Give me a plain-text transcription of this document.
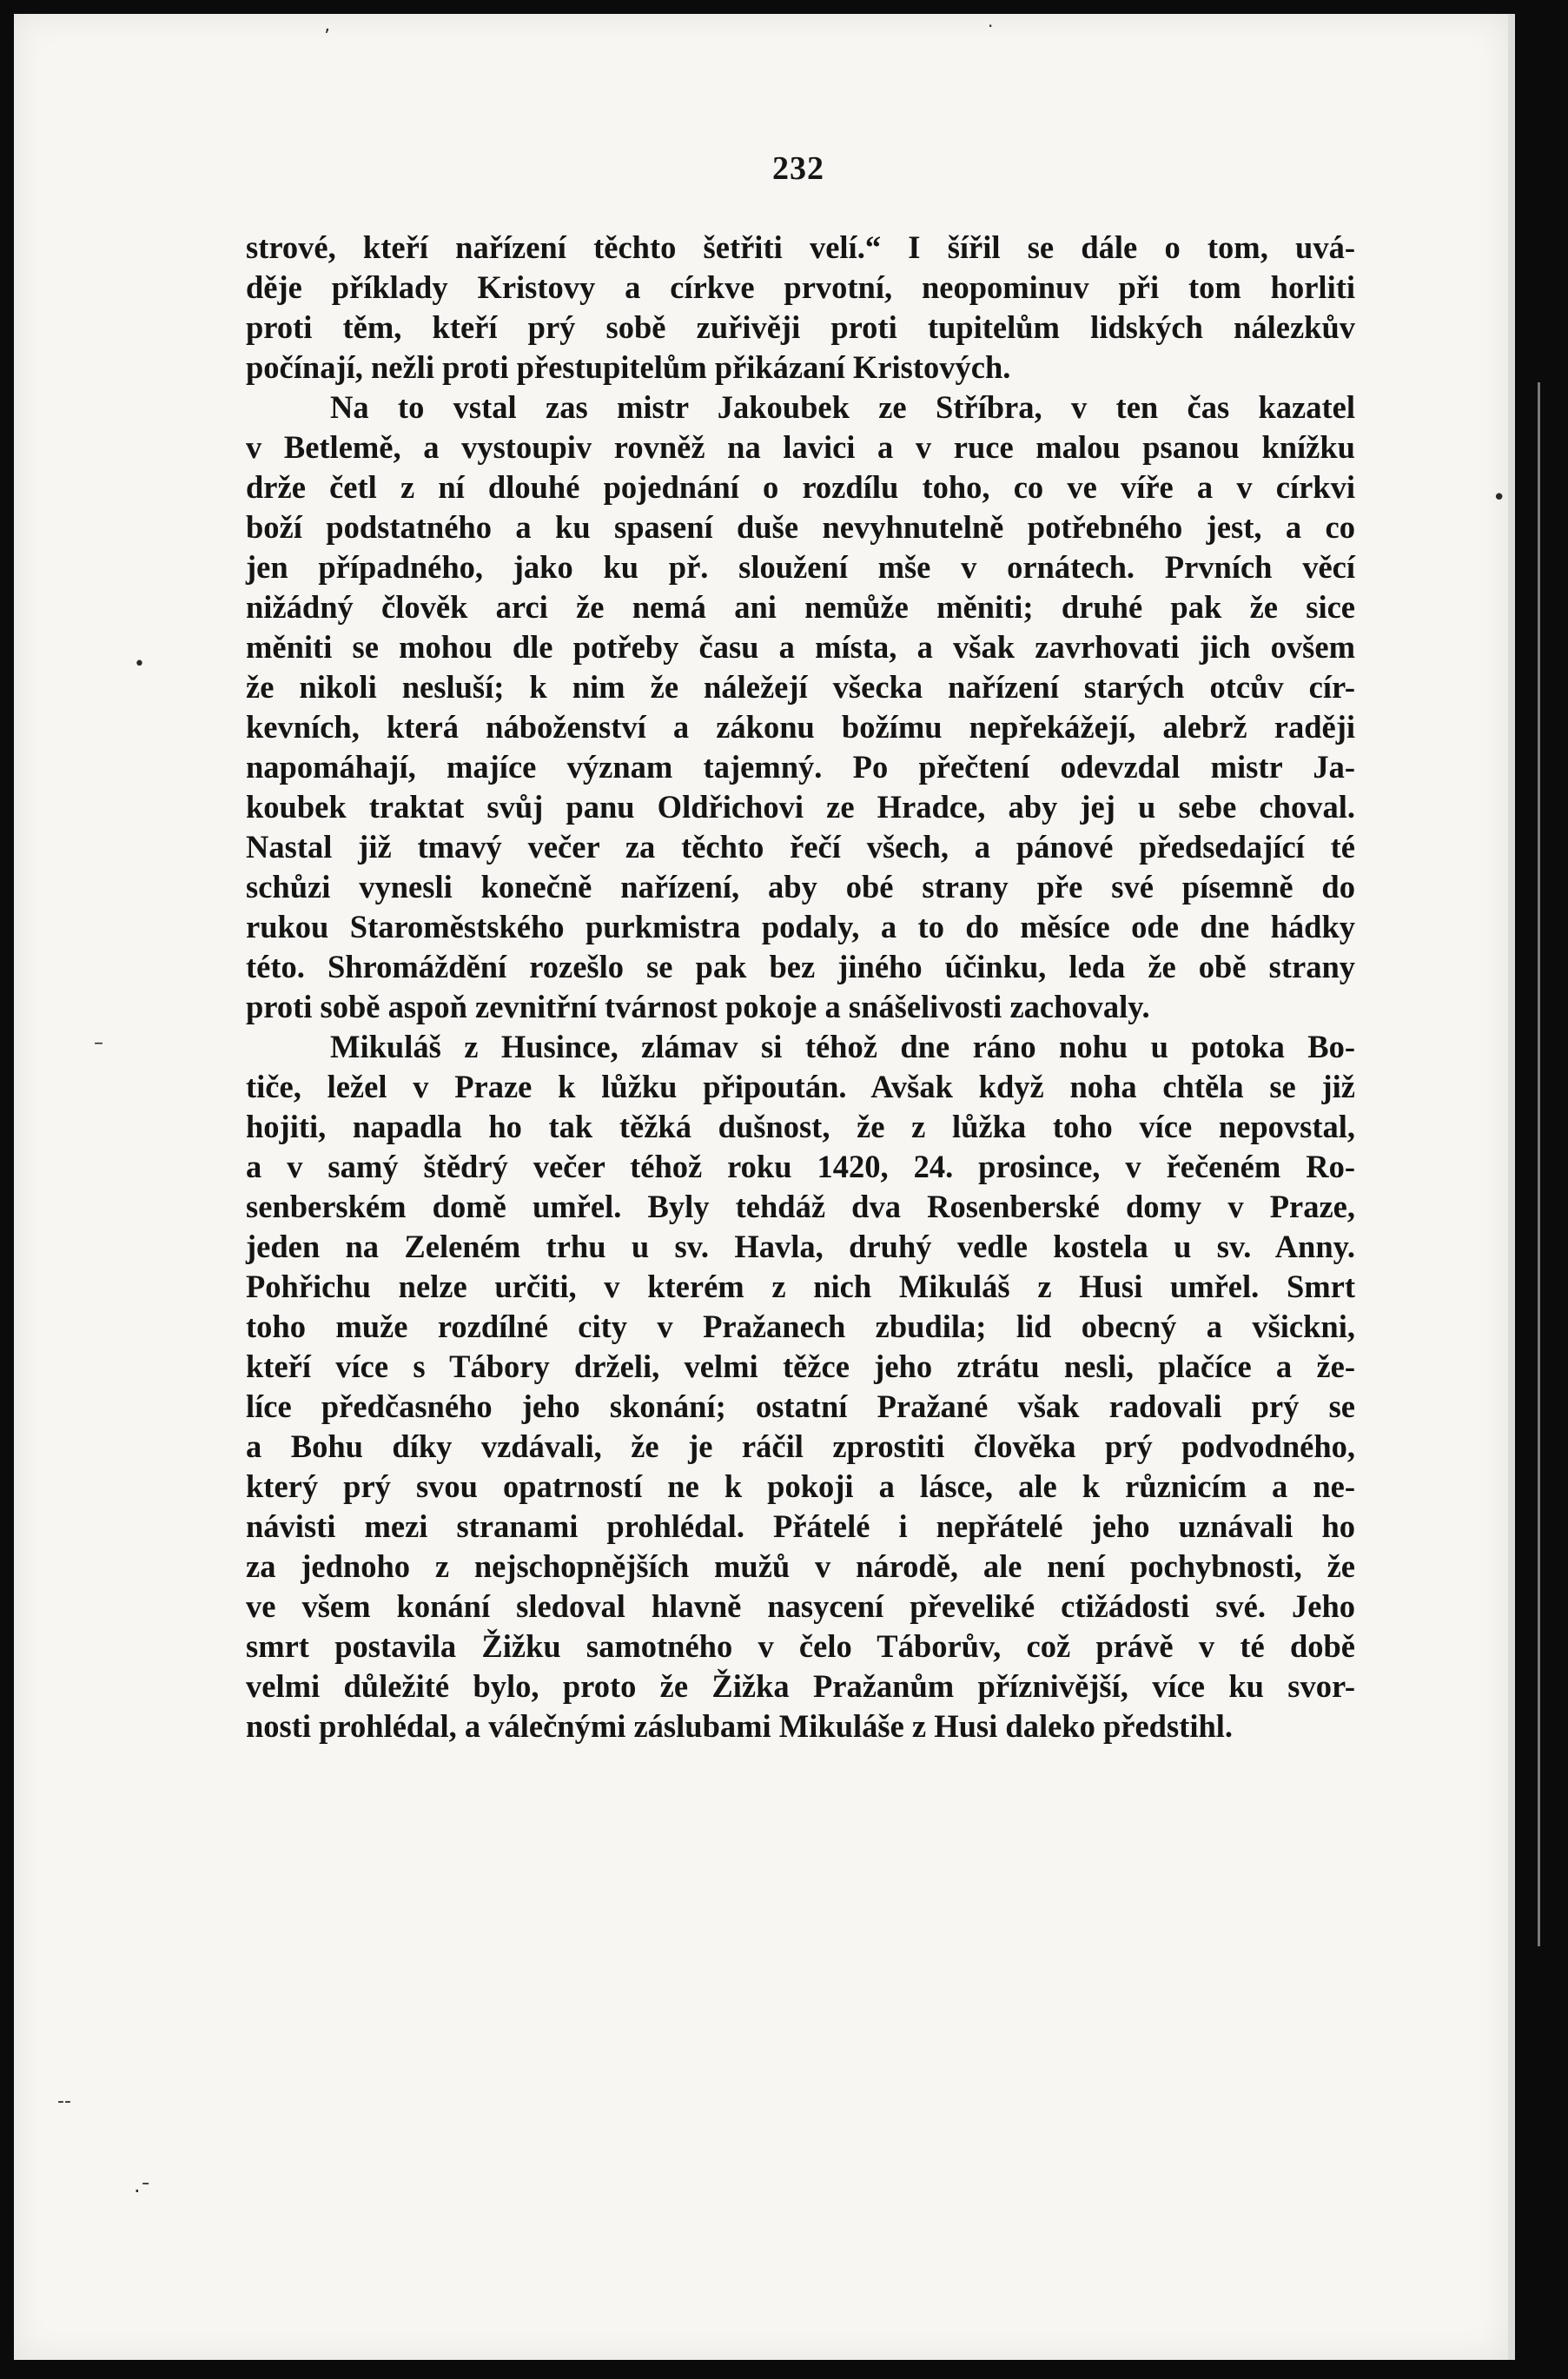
232
strové, kteří nařízení těchto šetřiti velí.“ I šířil se dále o tom, uvá-
děje příklady Kristovy a církve prvotní, neopominuv při tom horliti
proti těm, kteří prý sobě zuřivěji proti tupitelům lidských nálezkův
počínají, nežli proti přestupitelům přikázaní Kristových.
Na to vstal zas mistr Jakoubek ze Stříbra, v ten čas kazatel
v Betlemě, a vystoupiv rovněž na lavici a v ruce malou psanou knížku
drže četl z ní dlouhé pojednání o rozdílu toho, co ve víře a v církvi
boží podstatného a ku spasení duše nevyhnutelně potřebného jest, a co
jen případného, jako ku př. sloužení mše v ornátech. Prvních věcí
nižádný člověk arci že nemá ani nemůže měniti; druhé pak že sice
měniti se mohou dle potřeby času a místa, a však zavrhovati jich ovšem
že nikoli nesluší; k nim že náležejí všecka nařízení starých otcův cír-
kevních, která náboženství a zákonu božímu nepřekážejí, alebrž raději
napomáhají, majíce význam tajemný. Po přečtení odevzdal mistr Ja-
koubek traktat svůj panu Oldřichovi ze Hradce, aby jej u sebe choval.
Nastal již tmavý večer za těchto řečí všech, a pánové předsedající té
schůzi vynesli konečně nařízení, aby obé strany pře své písemně do
rukou Staroměstského purkmistra podaly, a to do měsíce ode dne hádky
této. Shromáždění rozešlo se pak bez jiného účinku, leda že obě strany
proti sobě aspoň zevnitřní tvárnost pokoje a snášelivosti zachovaly.
Mikuláš z Husince, zlámav si téhož dne ráno nohu u potoka Bo-
tiče, ležel v Praze k lůžku připoután. Avšak když noha chtěla se již
hojiti, napadla ho tak těžká dušnost, že z lůžka toho více nepovstal,
a v samý štědrý večer téhož roku 1420, 24. prosince, v řečeném Ro-
senberském domě umřel. Byly tehdáž dva Rosenberské domy v Praze,
jeden na Zeleném trhu u sv. Havla, druhý vedle kostela u sv. Anny.
Pohřichu nelze určiti, v kterém z nich Mikuláš z Husi umřel. Smrt
toho muže rozdílné city v Pražanech zbudila; lid obecný a všickni,
kteří více s Tábory drželi, velmi těžce jeho ztrátu nesli, plačíce a že-
líce předčasného jeho skonání; ostatní Pražané však radovali prý se
a Bohu díky vzdávali, že je ráčil zprostiti člověka prý podvodného,
který prý svou opatrností ne k pokoji a lásce, ale k různicím a ne-
návisti mezi stranami prohlédal. Přátelé i nepřátelé jeho uznávali ho
za jednoho z nejschopnějších mužů v národě, ale není pochybnosti, že
ve všem konání sledoval hlavně nasycení převeliké ctižádosti své. Jeho
smrt postavila Žižku samotného v čelo Táborův, což právě v té době
velmi důležité bylo, proto že Žižka Pražanům příznivější, více ku svor-
nosti prohlédal, a válečnými záslubami Mikuláše z Husi daleko předstihl.
ʼ	·
•
•
–
--
·ˉ
